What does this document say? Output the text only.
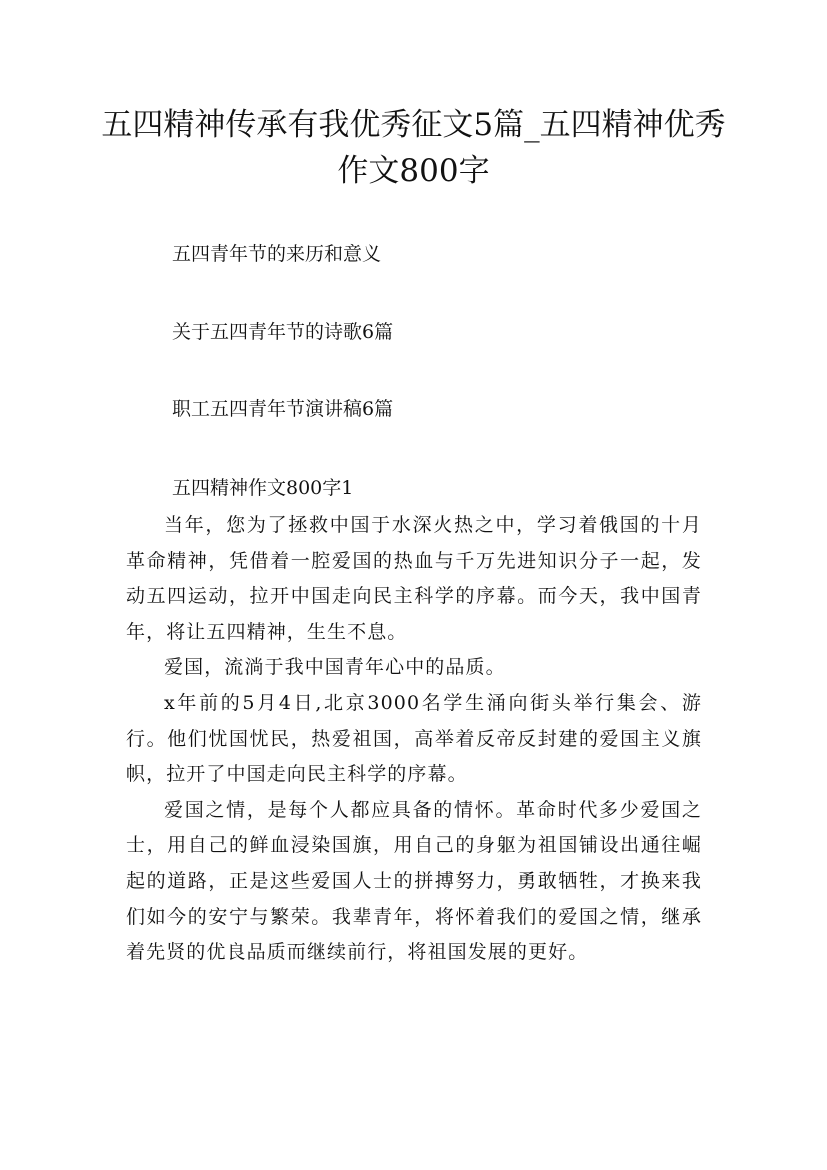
五四精神传承有我优秀征文5篇_五四精神优秀作文800字

五四青年节的来历和意义

关于五四青年节的诗歌6篇

职工五四青年节演讲稿6篇

五四精神作文800字1

当年，您为了拯救中国于水深火热之中，学习着俄国的十月革命精神，凭借着一腔爱国的热血与千万先进知识分子一起，发动五四运动，拉开中国走向民主科学的序幕。而今天，我中国青年，将让五四精神，生生不息。

爱国，流淌于我中国青年心中的品质。

x年前的5月4日,北京3000名学生涌向街头举行集会、游行。他们忧国忧民，热爱祖国，高举着反帝反封建的爱国主义旗帜，拉开了中国走向民主科学的序幕。

爱国之情，是每个人都应具备的情怀。革命时代多少爱国之士，用自己的鲜血浸染国旗，用自己的身躯为祖国铺设出通往崛起的道路，正是这些爱国人士的拼搏努力，勇敢牺牲，才换来我们如今的安宁与繁荣。我辈青年，将怀着我们的爱国之情，继承着先贤的优良品质而继续前行，将祖国发展的更好。
